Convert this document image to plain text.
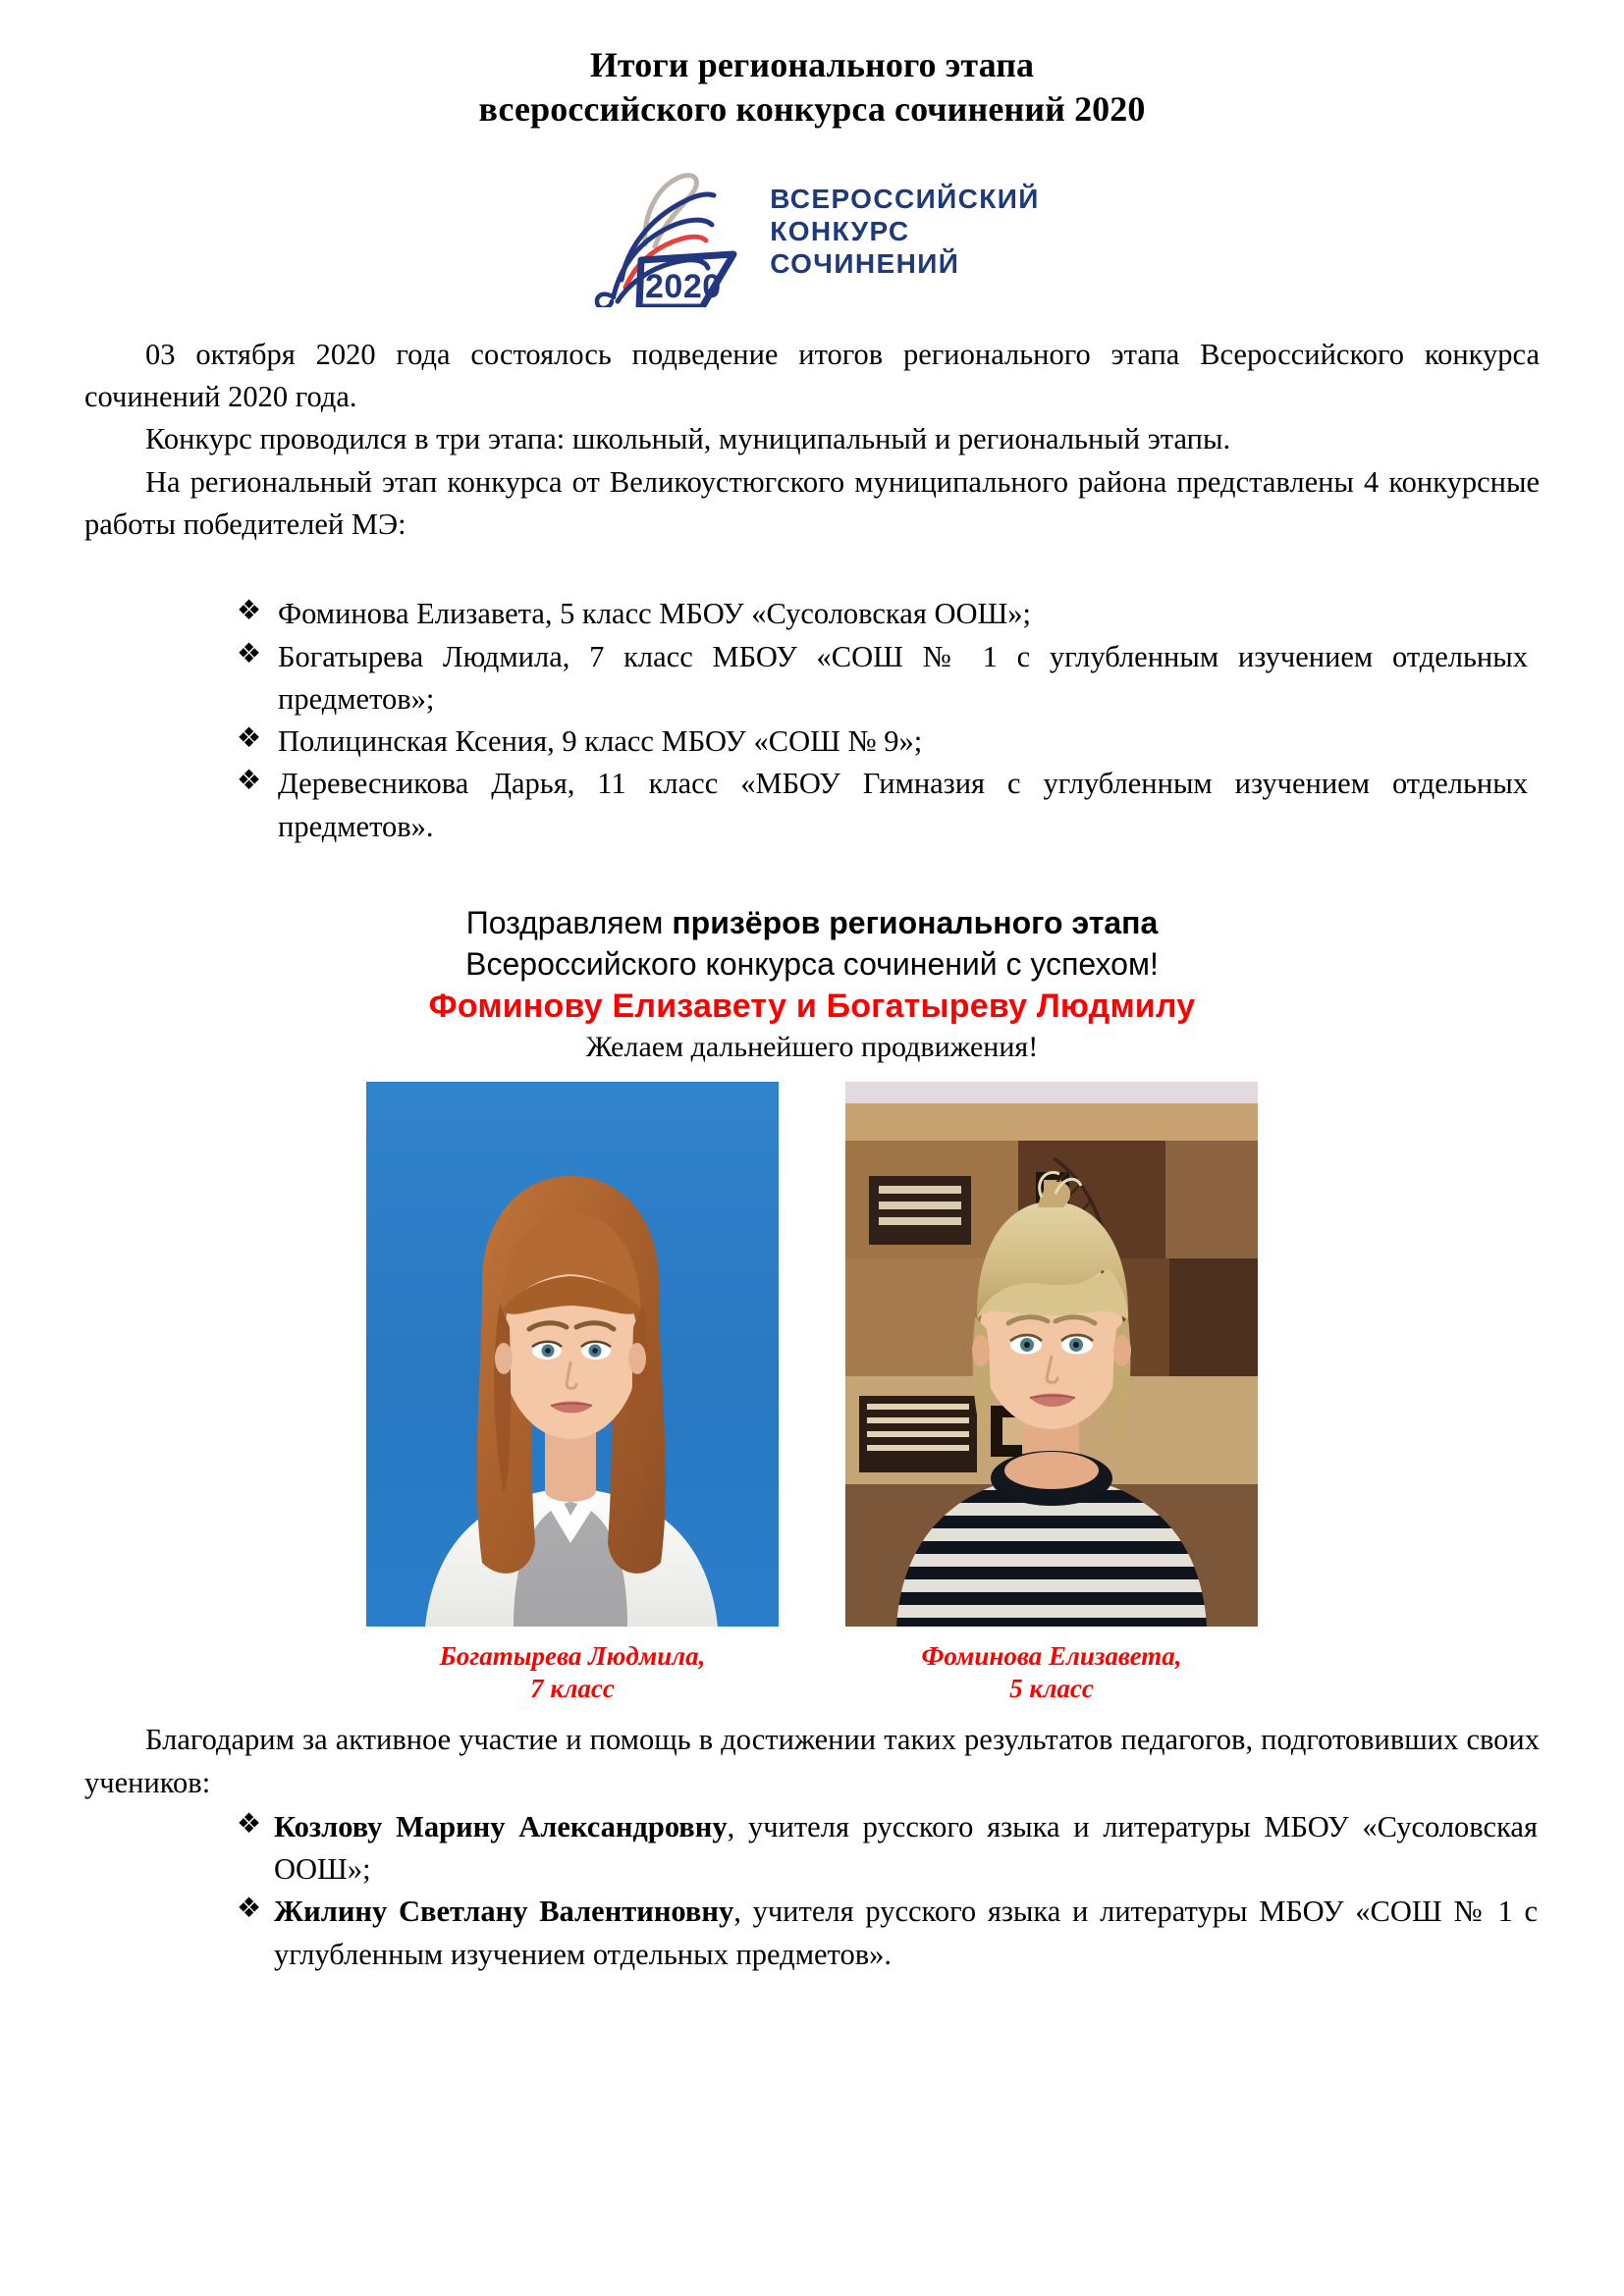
Итоги регионального этапа
всероссийского конкурса сочинений 2020
2020
ВСЕРОССИЙСКИЙ
КОНКУРС
СОЧИНЕНИЙ

03 октября 2020 года состоялось подведение итогов регионального этапа Всероссийского конкурса сочинений 2020 года.

Конкурс проводился в три этапа: школьный, муниципальный и региональный этапы.

На региональный этап конкурса от Великоустюгского муниципального района представлены 4 конкурсные работы победителей МЭ:

❖ Фоминова Елизавета, 5 класс МБОУ «Сусоловская ООШ»;
❖ Богатырева Людмила, 7 класс МБОУ «СОШ № 1 с углубленным изучением отдельных предметов»;
❖ Полицинская Ксения, 9 класс МБОУ «СОШ № 9»;
❖ Деревесникова Дарья, 11 класс «МБОУ Гимназия с углубленным изучением отдельных предметов».
Поздравляем призёров регионального этапа
Всероссийского конкурса сочинений с успехом!
Фоминову Елизавету и Богатыреву Людмилу
Желаем дальнейшего продвижения!
Богатырева Людмила,
7 класс
Фоминова Елизавета,
5 класс

Благодарим за активное участие и помощь в достижении таких результатов педагогов, подготовивших своих учеников:

❖ Козлову Марину Александровну, учителя русского языка и литературы МБОУ «Сусоловская ООШ»;
❖ Жилину Светлану Валентиновну, учителя русского языка и литературы МБОУ «СОШ № 1 с углубленным изучением отдельных предметов».
